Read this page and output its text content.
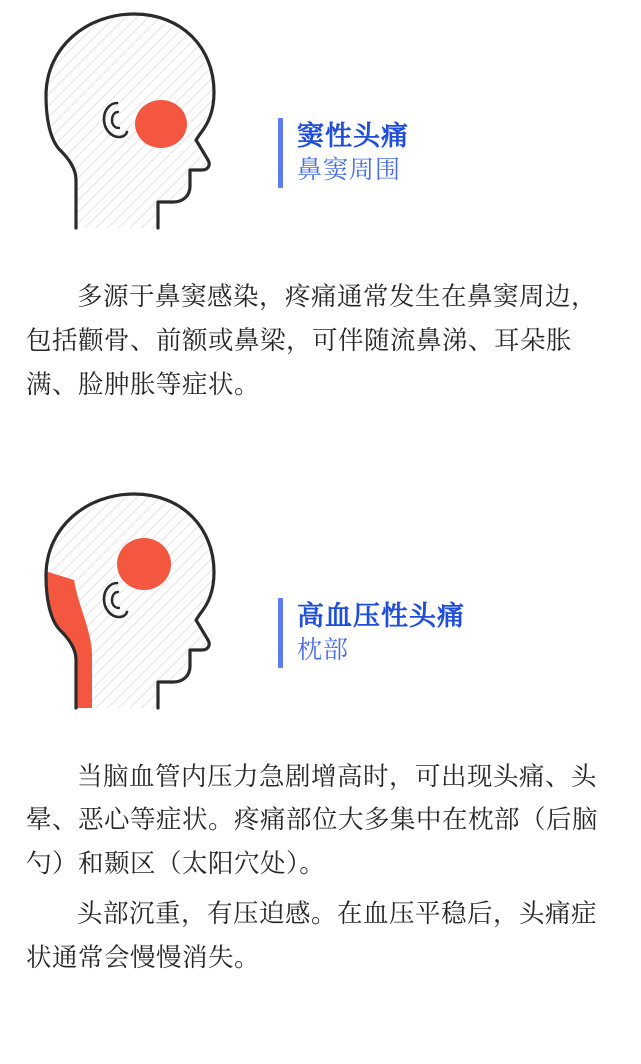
窦性头痛
鼻窦周围

多源于鼻窦感染，疼痛通常发生在鼻窦周边，包括颧骨、前额或鼻梁，可伴随流鼻涕、耳朵胀满、脸肿胀等症状。

高血压性头痛
枕部

当脑血管内压力急剧增高时，可出现头痛、头晕、恶心等症状。疼痛部位大多集中在枕部（后脑勺）和颞区（太阳穴处）。

头部沉重，有压迫感。在血压平稳后，头痛症状通常会慢慢消失。
